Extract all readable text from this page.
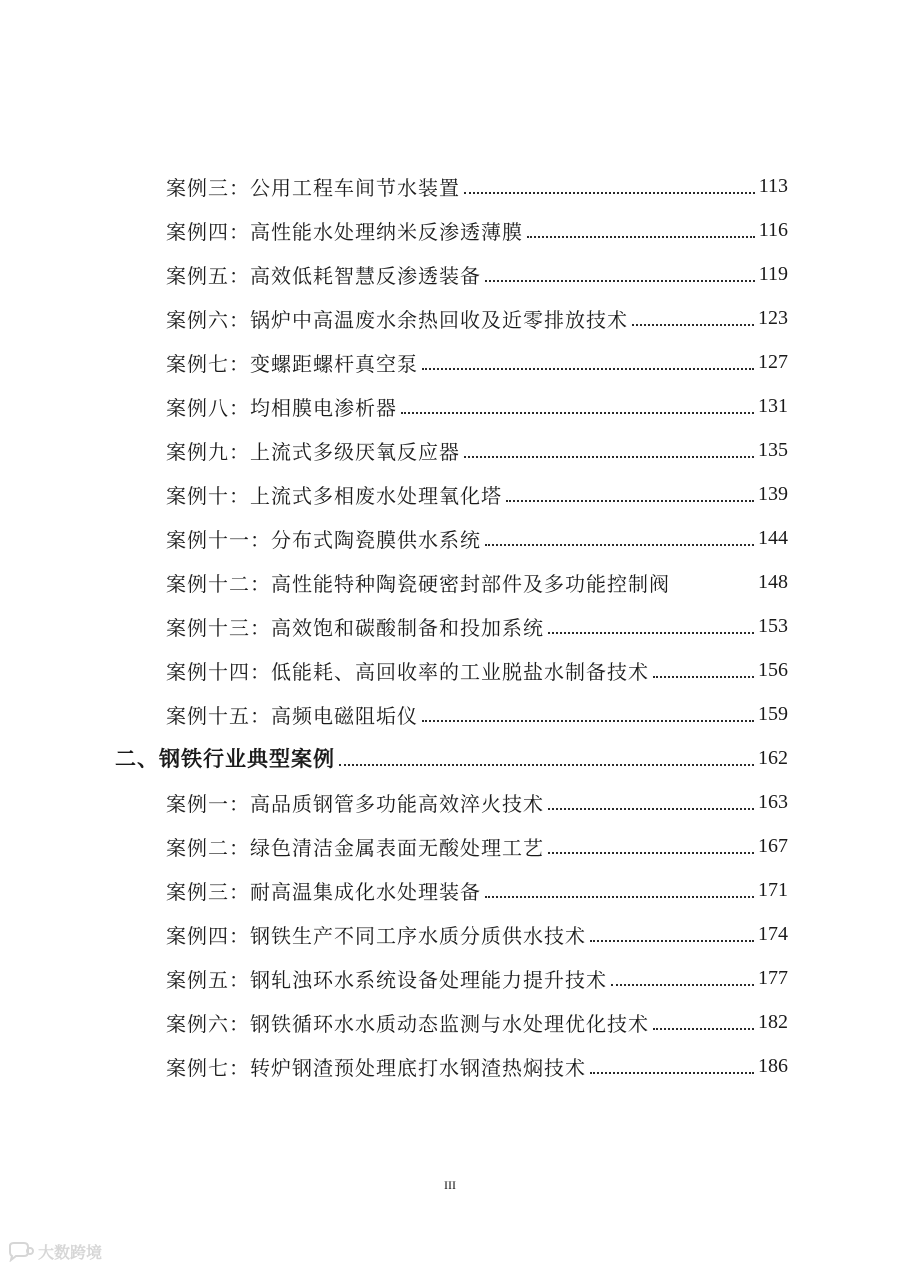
案例三：公用工程车间节水装置	113
案例四：高性能水处理纳米反渗透薄膜	116
案例五：高效低耗智慧反渗透装备	119
案例六：锅炉中高温废水余热回收及近零排放技术	123
案例七：变螺距螺杆真空泵	127
案例八：均相膜电渗析器	131
案例九：上流式多级厌氧反应器	135
案例十：上流式多相废水处理氧化塔	139
案例十一：分布式陶瓷膜供水系统	144
案例十二：高性能特种陶瓷硬密封部件及多功能控制阀	148
案例十三：高效饱和碳酸制备和投加系统	153
案例十四：低能耗、高回收率的工业脱盐水制备技术	156
案例十五：高频电磁阻垢仪	159
二、钢铁行业典型案例	162
案例一：高品质钢管多功能高效淬火技术	163
案例二：绿色清洁金属表面无酸处理工艺	167
案例三：耐高温集成化水处理装备	171
案例四：钢铁生产不同工序水质分质供水技术	174
案例五：钢轧浊环水系统设备处理能力提升技术	177
案例六：钢铁循环水水质动态监测与水处理优化技术	182
案例七：转炉钢渣预处理底打水钢渣热焖技术	186
III
大数跨境
